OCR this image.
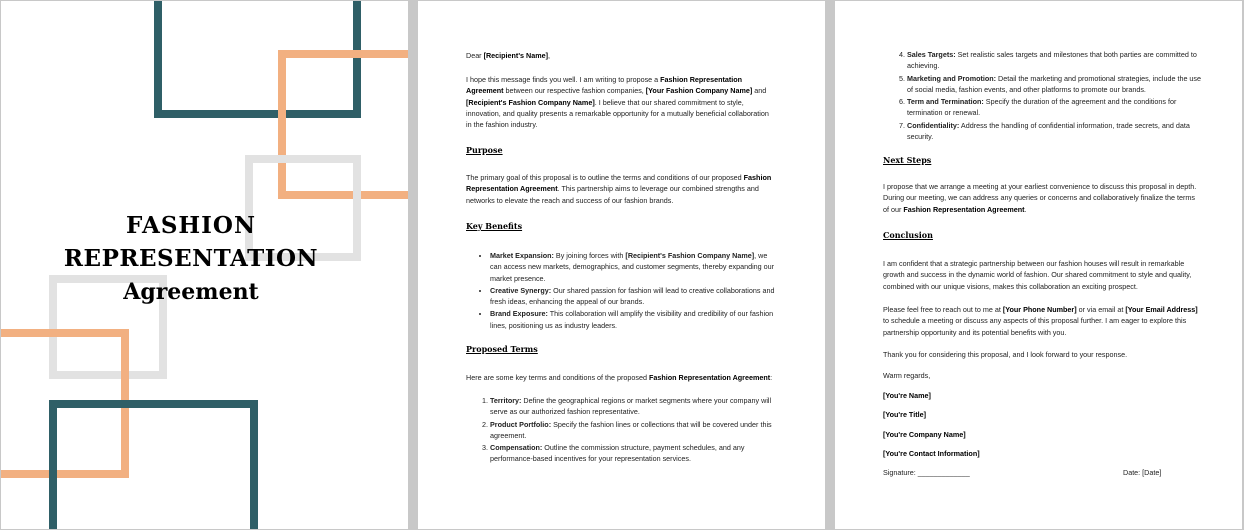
FASHION
REPRESENTATION
Agreement
Dear [Recipient's Name],
I hope this message finds you well. I am writing to propose a Fashion Representation Agreement between our respective fashion companies, [Your Fashion Company Name] and [Recipient's Fashion Company Name]. I believe that our shared commitment to style, innovation, and quality presents a remarkable opportunity for a mutually beneficial collaboration in the fashion industry.
Purpose
The primary goal of this proposal is to outline the terms and conditions of our proposed Fashion Representation Agreement. This partnership aims to leverage our combined strengths and networks to elevate the reach and success of our fashion brands.
Key Benefits
• Market Expansion: By joining forces with [Recipient's Fashion Company Name], we can access new markets, demographics, and customer segments, thereby expanding our market presence.
• Creative Synergy: Our shared passion for fashion will lead to creative collaborations and fresh ideas, enhancing the appeal of our brands.
• Brand Exposure: This collaboration will amplify the visibility and credibility of our fashion lines, positioning us as industry leaders.
Proposed Terms
Here are some key terms and conditions of the proposed Fashion Representation Agreement:
1. Territory: Define the geographical regions or market segments where your company will serve as our authorized fashion representative.
2. Product Portfolio: Specify the fashion lines or collections that will be covered under this agreement.
3. Compensation: Outline the commission structure, payment schedules, and any performance-based incentives for your representation services.
4. Sales Targets: Set realistic sales targets and milestones that both parties are committed to achieving.
5. Marketing and Promotion: Detail the marketing and promotional strategies, include the use of social media, fashion events, and other platforms to promote our brands.
6. Term and Termination: Specify the duration of the agreement and the conditions for termination or renewal.
7. Confidentiality: Address the handling of confidential information, trade secrets, and data security.
Next Steps
I propose that we arrange a meeting at your earliest convenience to discuss this proposal in depth. During our meeting, we can address any queries or concerns and collaboratively finalize the terms of our Fashion Representation Agreement.
Conclusion
I am confident that a strategic partnership between our fashion houses will result in remarkable growth and success in the dynamic world of fashion. Our shared commitment to style and quality, combined with our unique visions, makes this collaboration an exciting prospect.
Please feel free to reach out to me at [Your Phone Number] or via email at [Your Email Address] to schedule a meeting or discuss any aspects of this proposal further. I am eager to explore this partnership opportunity and its potential benefits with you.
Thank you for considering this proposal, and I look forward to your response.
Warm regards,
[You're Name]
[You're Title]
[You're Company Name]
[You're Contact Information]
Signature: _____________	Date: [Date]
